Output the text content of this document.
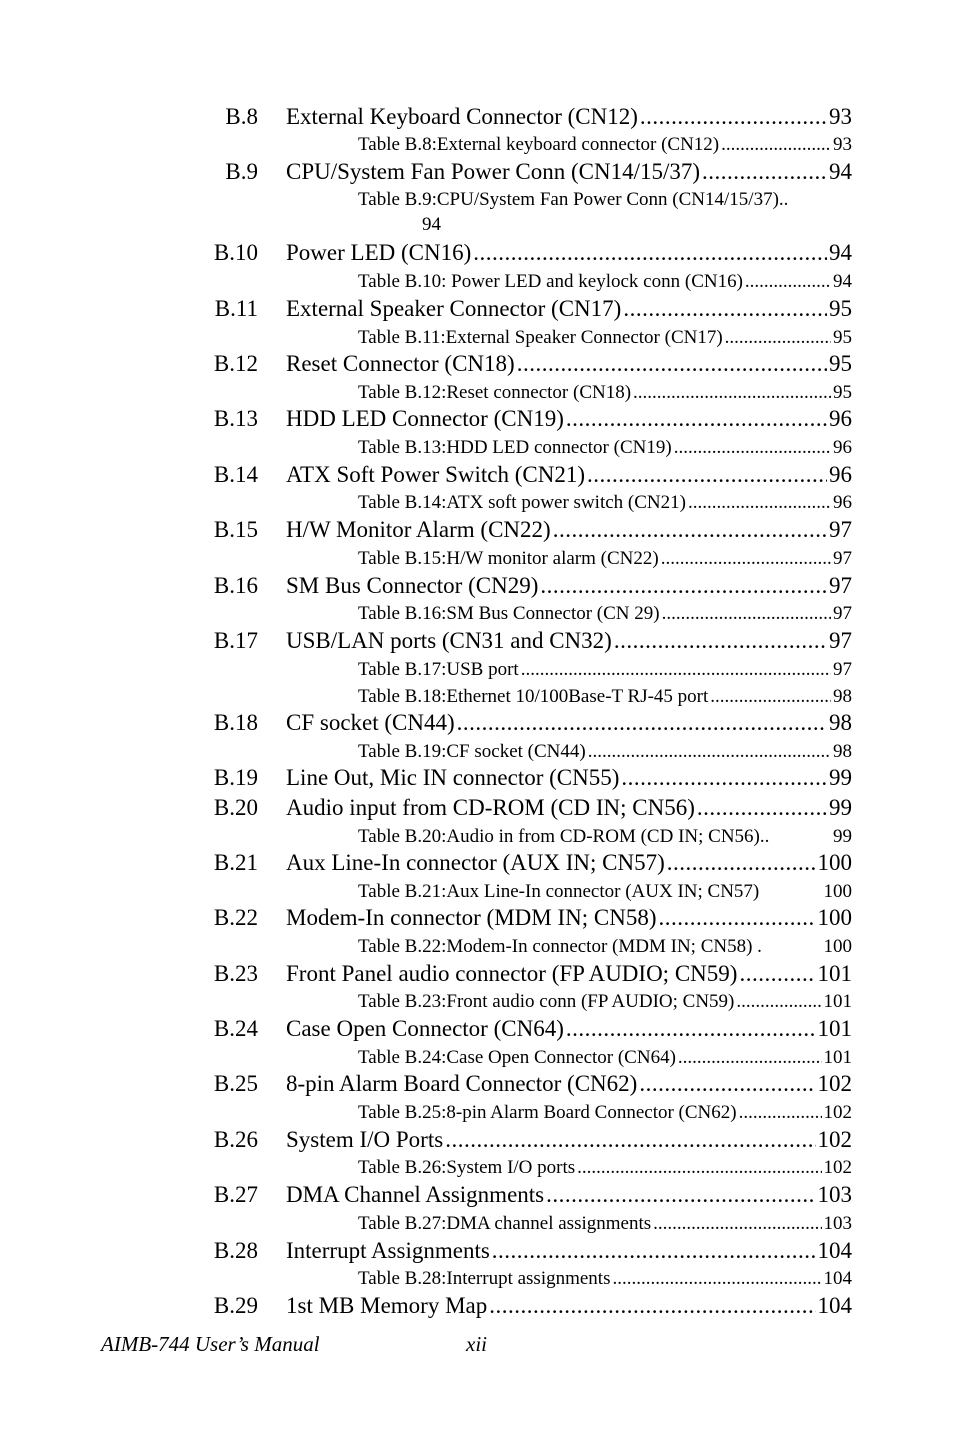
B.8 External Keyboard Connector (CN12) .....	93
Table B.8:External keyboard connector (CN12) .....	93
B.9 CPU/System Fan Power Conn (CN14/15/37) .....	94
Table B.9:CPU/System Fan Power Conn (CN14/15/37)..
94
B.10 Power LED (CN16) .....	94
Table B.10: Power LED and keylock conn (CN16) .....	94
B.11 External Speaker Connector (CN17) .....	95
Table B.11:External Speaker Connector (CN17) .....	95
B.12 Reset Connector (CN18) .....	95
Table B.12:Reset connector (CN18) .....	95
B.13 HDD LED Connector (CN19) .....	96
Table B.13:HDD LED connector (CN19) .....	96
B.14 ATX Soft Power Switch (CN21) .....	96
Table B.14:ATX soft power switch (CN21) .....	96
B.15 H/W Monitor Alarm (CN22) .....	97
Table B.15:H/W monitor alarm (CN22) .....	97
B.16 SM Bus Connector (CN29) .....	97
Table B.16:SM Bus Connector (CN 29) .....	97
B.17 USB/LAN ports (CN31 and CN32) .....	97
Table B.17:USB port .....	97
Table B.18:Ethernet 10/100Base-T RJ-45 port .....	98
B.18 CF socket (CN44) .....	98
Table B.19:CF socket (CN44) .....	98
B.19 Line Out, Mic IN connector (CN55) .....	99
B.20 Audio input from CD-ROM (CD IN; CN56) .....	99
Table B.20:Audio in from CD-ROM (CD IN; CN56)..	99
B.21 Aux Line-In connector (AUX IN; CN57) .....	100
Table B.21:Aux Line-In connector (AUX IN; CN57)	100
B.22 Modem-In connector (MDM IN; CN58) .....	100
Table B.22:Modem-In connector (MDM IN; CN58) .	100
B.23 Front Panel audio connector (FP AUDIO; CN59) .....	101
Table B.23:Front audio conn (FP AUDIO; CN59) .....	101
B.24 Case Open Connector (CN64) .....	101
Table B.24:Case Open Connector (CN64) .....	101
B.25 8-pin Alarm Board Connector (CN62) .....	102
Table B.25:8-pin Alarm Board Connector (CN62) .....	102
B.26 System I/O Ports .....	102
Table B.26:System I/O ports .....	102
B.27 DMA Channel Assignments .....	103
Table B.27:DMA channel assignments .....	103
B.28 Interrupt Assignments .....	104
Table B.28:Interrupt assignments .....	104
B.29 1st MB Memory Map .....	104
AIMB-744 User’s Manual	xii
